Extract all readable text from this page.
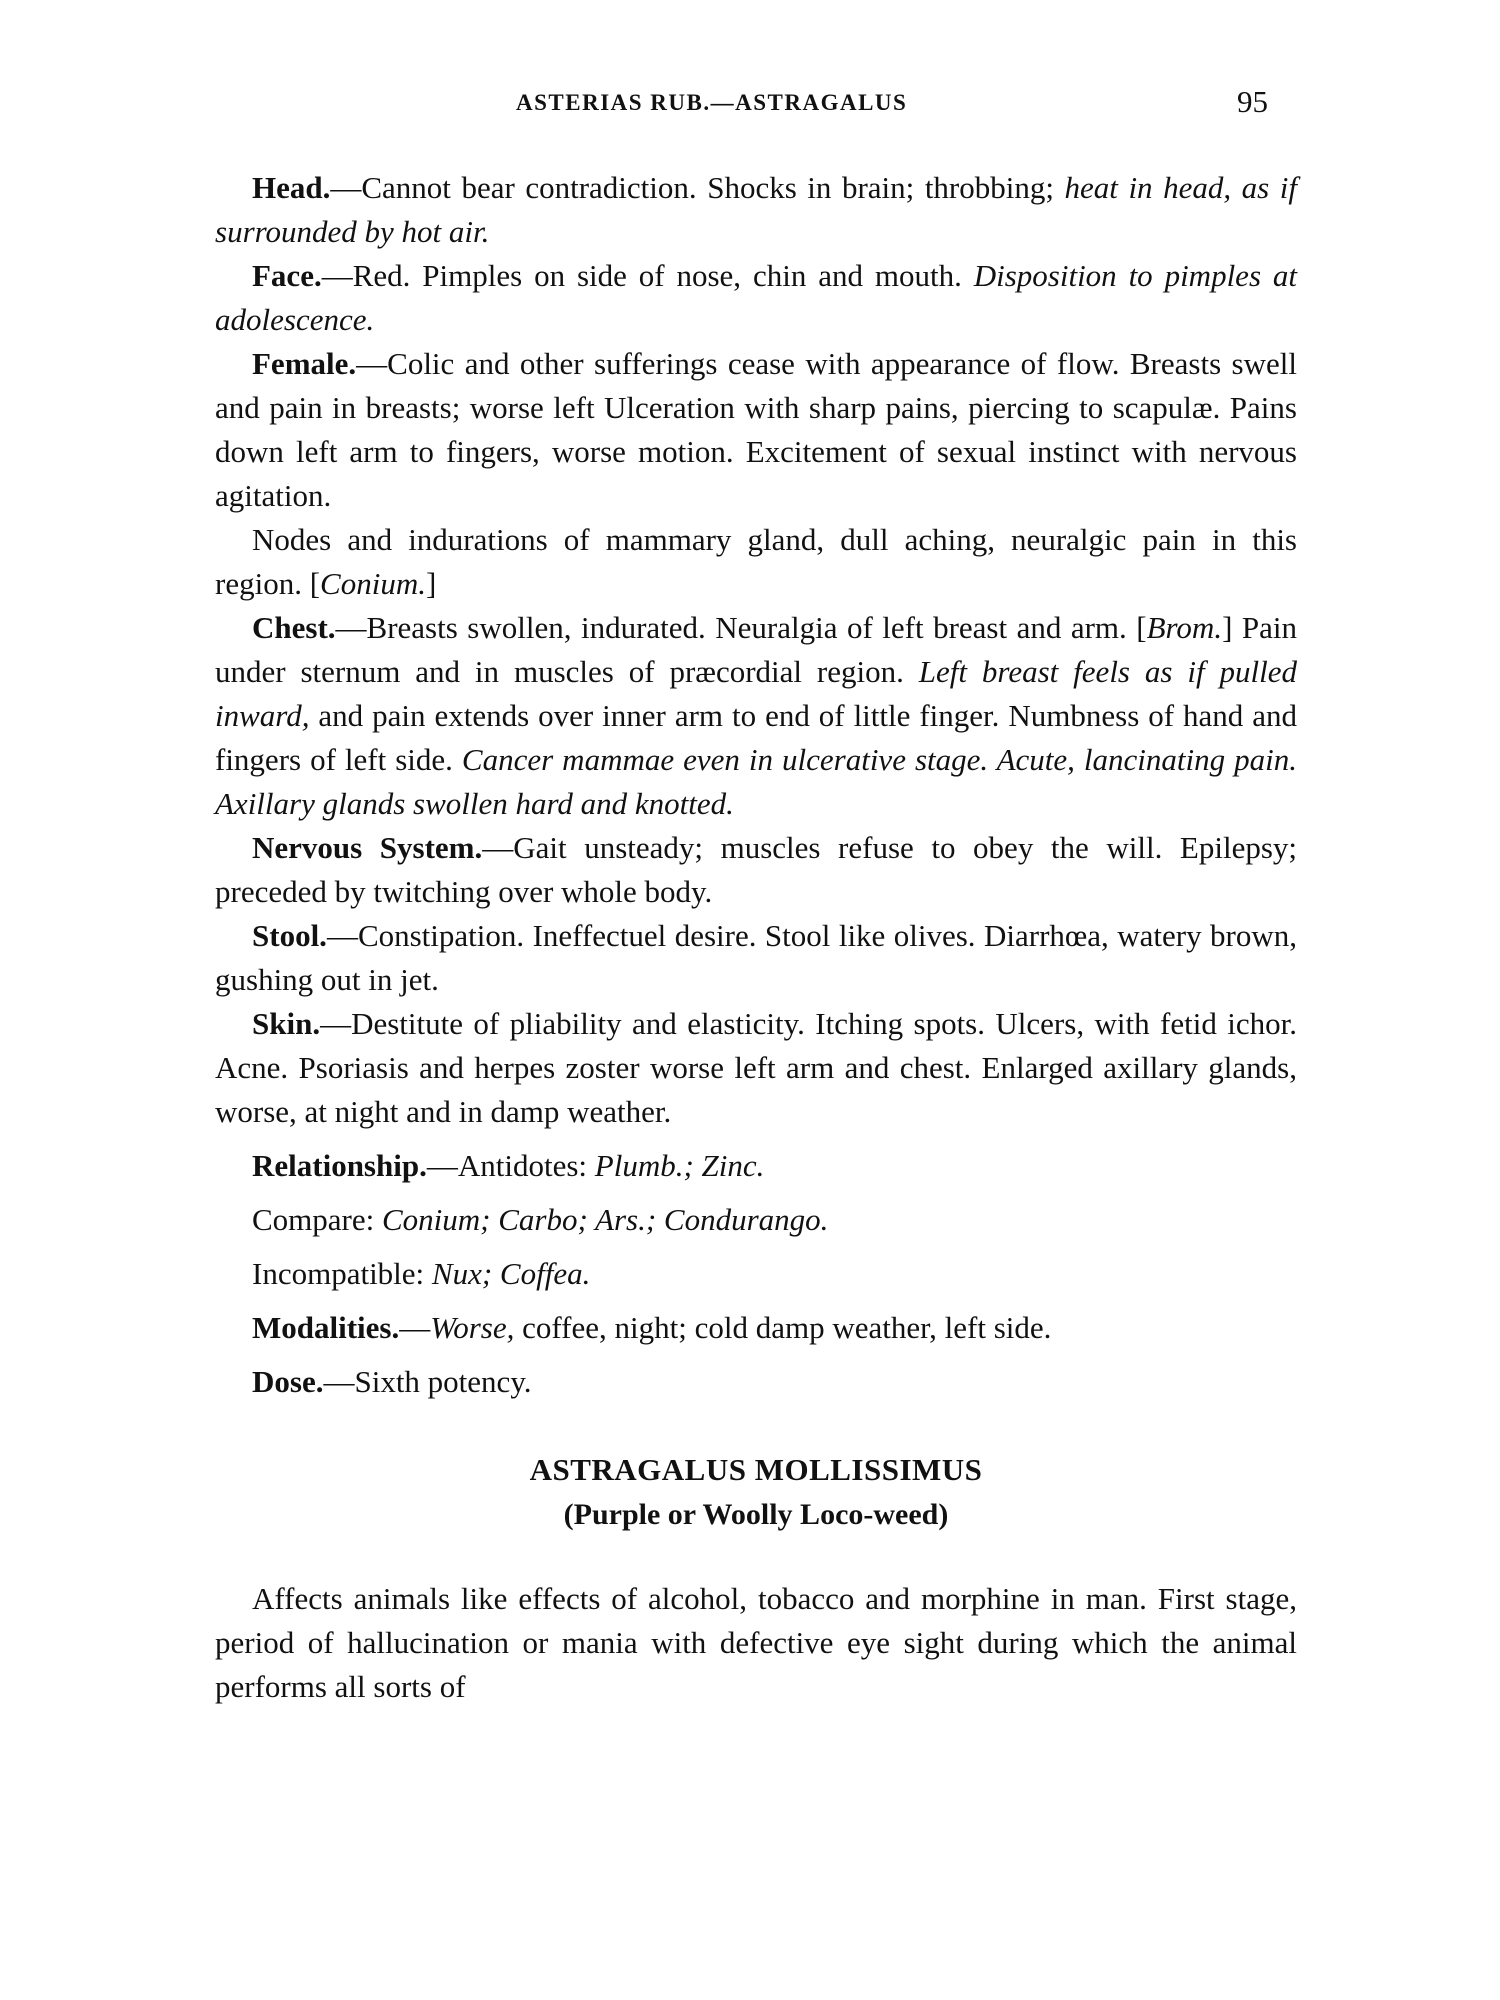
ASTERIAS RUB.—ASTRAGALUS	95

Head.—Cannot bear contradiction. Shocks in brain; throbbing; heat in head, as if surrounded by hot air.

Face.—Red. Pimples on side of nose, chin and mouth. Disposition to pimples at adolescence.

Female.—Colic and other sufferings cease with appearance of flow. Breasts swell and pain in breasts; worse left Ulceration with sharp pains, piercing to scapulæ. Pains down left arm to fingers, worse motion. Excitement of sexual instinct with nervous agitation.

Nodes and indurations of mammary gland, dull aching, neuralgic pain in this region. [Conium.]

Chest.—Breasts swollen, indurated. Neuralgia of left breast and arm. [Brom.] Pain under sternum and in muscles of præcordial region. Left breast feels as if pulled inward, and pain extends over inner arm to end of little finger. Numbness of hand and fingers of left side. Cancer mammae even in ulcerative stage. Acute, lancinating pain. Axillary glands swollen hard and knotted.

Nervous System.—Gait unsteady; muscles refuse to obey the will. Epilepsy; preceded by twitching over whole body.

Stool.—Constipation. Ineffectuel desire. Stool like olives. Diarrhœa, watery brown, gushing out in jet.

Skin.—Destitute of pliability and elasticity. Itching spots. Ulcers, with fetid ichor. Acne. Psoriasis and herpes zoster worse left arm and chest. Enlarged axillary glands, worse, at night and in damp weather.

Relationship.—Antidotes: Plumb.; Zinc.

Compare: Conium; Carbo; Ars.; Condurango.

Incompatible: Nux; Coffea.

Modalities.—Worse, coffee, night; cold damp weather, left side.

Dose.—Sixth potency.

ASTRAGALUS MOLLISSIMUS
(Purple or Woolly Loco-weed)

Affects animals like effects of alcohol, tobacco and morphine in man. First stage, period of hallucination or mania with defective eye sight during which the animal performs all sorts of
